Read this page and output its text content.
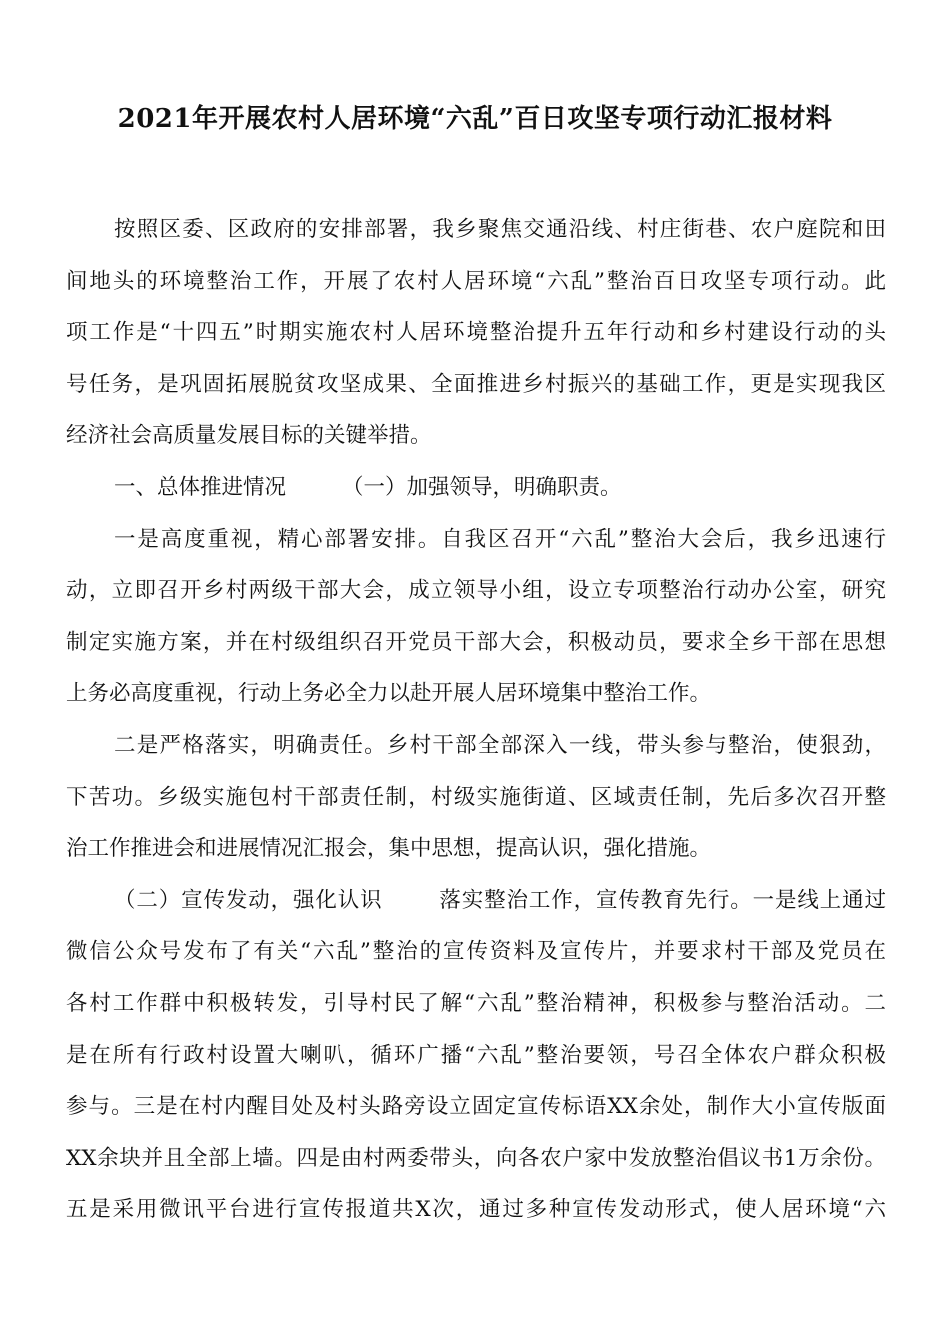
2021年开展农村人居环境“六乱”百日攻坚专项行动汇报材料
按照区委、区政府的安排部署，我乡聚焦交通沿线、村庄街巷、农户庭院和田
间地头的环境整治工作，开展了农村人居环境“六乱”整治百日攻坚专项行动。此
项工作是“十四五”时期实施农村人居环境整治提升五年行动和乡村建设行动的头
号任务，是巩固拓展脱贫攻坚成果、全面推进乡村振兴的基础工作，更是实现我区
经济社会高质量发展目标的关键举措。
一、总体推进情况	（一）加强领导，明确职责。
一是高度重视，精心部署安排。自我区召开“六乱”整治大会后，我乡迅速行
动，立即召开乡村两级干部大会，成立领导小组，设立专项整治行动办公室，研究
制定实施方案，并在村级组织召开党员干部大会，积极动员，要求全乡干部在思想
上务必高度重视，行动上务必全力以赴开展人居环境集中整治工作。
二是严格落实，明确责任。乡村干部全部深入一线，带头参与整治，使狠劲，
下苦功。乡级实施包村干部责任制，村级实施街道、区域责任制，先后多次召开整
治工作推进会和进展情况汇报会，集中思想，提高认识，强化措施。
（二）宣传发动，强化认识	落实整治工作，宣传教育先行。一是线上通过
微信公众号发布了有关“六乱”整治的宣传资料及宣传片，并要求村干部及党员在
各村工作群中积极转发，引导村民了解“六乱”整治精神，积极参与整治活动。二
是在所有行政村设置大喇叭，循环广播“六乱”整治要领，号召全体农户群众积极
参与。三是在村内醒目处及村头路旁设立固定宣传标语XX余处，制作大小宣传版面
XX余块并且全部上墙。四是由村两委带头，向各农户家中发放整治倡议书1万余份。
五是采用微讯平台进行宣传报道共X次，通过多种宣传发动形式，使人居环境“六
